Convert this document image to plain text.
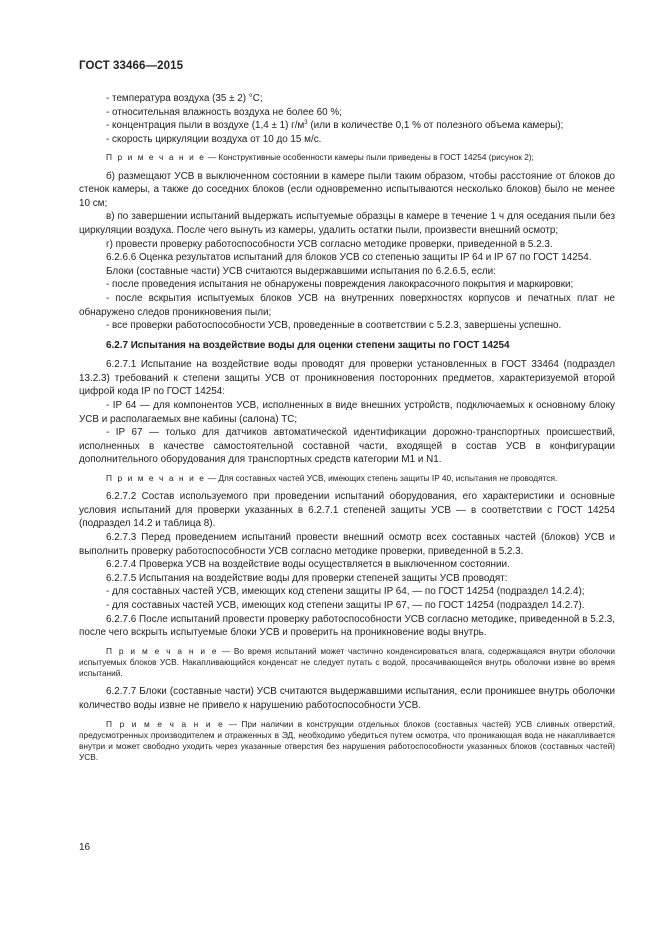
ГОСТ 33466—2015

- температура воздуха (35 ± 2) °С;

- относительная влажность воздуха не более 60 %;

- концентрация пыли в воздухе (1,4 ± 1) $г/м^3$ (или в количестве 0,1 % от полезного объема камеры);

- скорость циркуляции воздуха от 10 до 15 м/с.

П р и м е ч а н и е — Конструктивные особенности камеры пыли приведены в ГОСТ 14254 (рисунок 2);

б) размещают УСВ в выключенном состоянии в камере пыли таким образом, чтобы расстояние от блоков до стенок камеры, а также до соседних блоков (если одновременно испытываются несколько блоков) было не менее 10 см;

в) по завершении испытаний выдержать испытуемые образцы в камере в течение 1 ч для оседания пыли без циркуляции воздуха. После чего вынуть из камеры, удалить остатки пыли, произвести внешний осмотр;

г) провести проверку работоспособности УСВ согласно методике проверки, приведенной в 5.2.3.

6.2.6.6 Оценка результатов испытаний для блоков УСВ со степенью защиты IP 64 и IP 67 по ГОСТ 14254.

Блоки (составные части) УСВ считаются выдержавшими испытания по 6.2.6.5, если:

- после проведения испытания не обнаружены повреждения лакокрасочного покрытия и маркировки;

- после вскрытия испытуемых блоков УСВ на внутренних поверхностях корпусов и печатных плат не обнаружено следов проникновения пыли;

- все проверки работоспособности УСВ, проведенные в соответствии с 5.2.3, завершены успешно.

6.2.7 Испытания на воздействие воды для оценки степени защиты по ГОСТ 14254

6.2.7.1 Испытание на воздействие воды проводят для проверки установленных в ГОСТ 33464 (подраздел 13.2.3) требований к степени защиты УСВ от проникновения посторонних предметов, характеризуемой второй цифрой кода IP по ГОСТ 14254:

- IP 64 — для компонентов УСВ, исполненных в виде внешних устройств, подключаемых к основному блоку УСВ и располагаемых вне кабины (салона) ТС;

- IP 67 — только для датчиков автоматической идентификации дорожно-транспортных происшествий, исполненных в качестве самостоятельной составной части, входящей в состав УСВ в конфигурации дополнительного оборудования для транспортных средств категории М1 и N1.

П р и м е ч а н и е — Для составных частей УСВ, имеющих степень защиты IP 40, испытания не проводятся.

6.2.7.2 Состав используемого при проведении испытаний оборудования, его характеристики и основные условия испытаний для проверки указанных в 6.2.7.1 степеней защиты УСВ — в соответствии с ГОСТ 14254 (подраздел 14.2 и таблица 8).

6.2.7.3 Перед проведением испытаний провести внешний осмотр всех составных частей (блоков) УСВ и выполнить проверку работоспособности УСВ согласно методике проверки, приведенной в 5.2.3.

6.2.7.4 Проверка УСВ на воздействие воды осуществляется в выключенном состоянии.

6.2.7.5 Испытания на воздействие воды для проверки степеней защиты УСВ проводят:

- для составных частей УСВ, имеющих код степени защиты IP 64, — по ГОСТ 14254 (подраздел 14.2.4);

- для составных частей УСВ, имеющих код степени защиты IP 67, — по ГОСТ 14254 (подраздел 14.2.7).

6.2.7.6 После испытаний провести проверку работоспособности УСВ согласно методике, приведенной в 5.2.3, после чего вскрыть испытуемые блоки УСВ и проверить на проникновение воды внутрь.

П р и м е ч а н и е — Во время испытаний может частично конденсироваться влага, содержащаяся внутри оболочки испытуемых блоков УСВ. Накапливающийся конденсат не следует путать с водой, просачивающейся внутрь оболочки извне во время испытаний.

6.2.7.7 Блоки (составные части) УСВ считаются выдержавшими испытания, если проникшее внутрь оболочки количество воды извне не привело к нарушению работоспособности УСВ.

П р и м е ч а н и е — При наличии в конструкции отдельных блоков (составных частей) УСВ сливных отверстий, предусмотренных производителем и отраженных в ЭД, необходимо убедиться путем осмотра, что проникающая вода не накапливается внутри и может свободно уходить через указанные отверстия без нарушения работоспособности указанных блоков (составных частей) УСВ.

16
